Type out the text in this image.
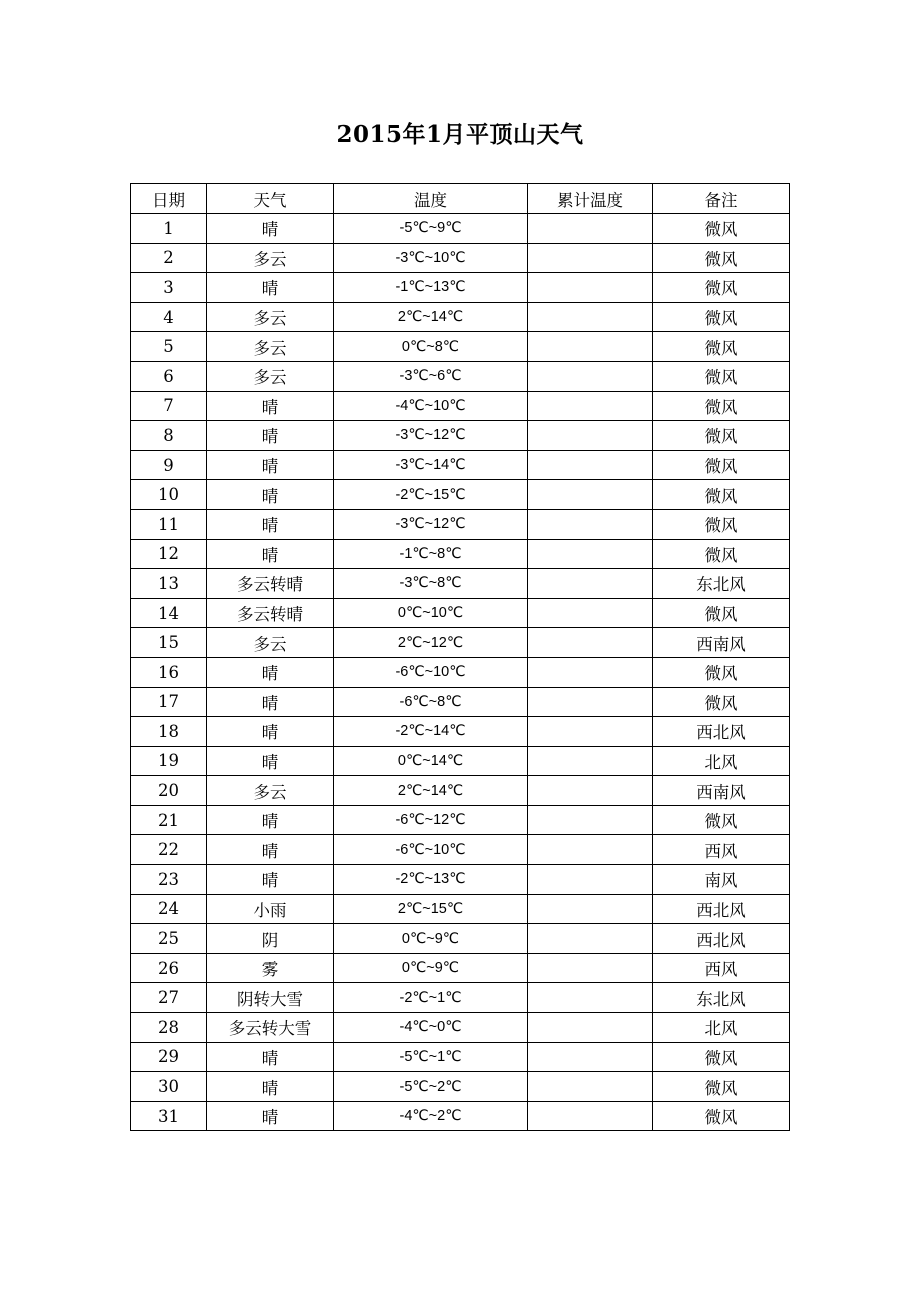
2015年1月平顶山天气
日期	天气	温度	累计温度	备注
1	晴	-5℃~9℃		微风
2	多云	-3℃~10℃		微风
3	晴	-1℃~13℃		微风
4	多云	2℃~14℃		微风
5	多云	0℃~8℃		微风
6	多云	-3℃~6℃		微风
7	晴	-4℃~10℃		微风
8	晴	-3℃~12℃		微风
9	晴	-3℃~14℃		微风
10	晴	-2℃~15℃		微风
11	晴	-3℃~12℃		微风
12	晴	-1℃~8℃		微风
13	多云转晴	-3℃~8℃		东北风
14	多云转晴	0℃~10℃		微风
15	多云	2℃~12℃		西南风
16	晴	-6℃~10℃		微风
17	晴	-6℃~8℃		微风
18	晴	-2℃~14℃		西北风
19	晴	0℃~14℃		北风
20	多云	2℃~14℃		西南风
21	晴	-6℃~12℃		微风
22	晴	-6℃~10℃		西风
23	晴	-2℃~13℃		南风
24	小雨	2℃~15℃		西北风
25	阴	0℃~9℃		西北风
26	雾	0℃~9℃		西风
27	阴转大雪	-2℃~1℃		东北风
28	多云转大雪	-4℃~0℃		北风
29	晴	-5℃~1℃		微风
30	晴	-5℃~2℃		微风
31	晴	-4℃~2℃		微风
